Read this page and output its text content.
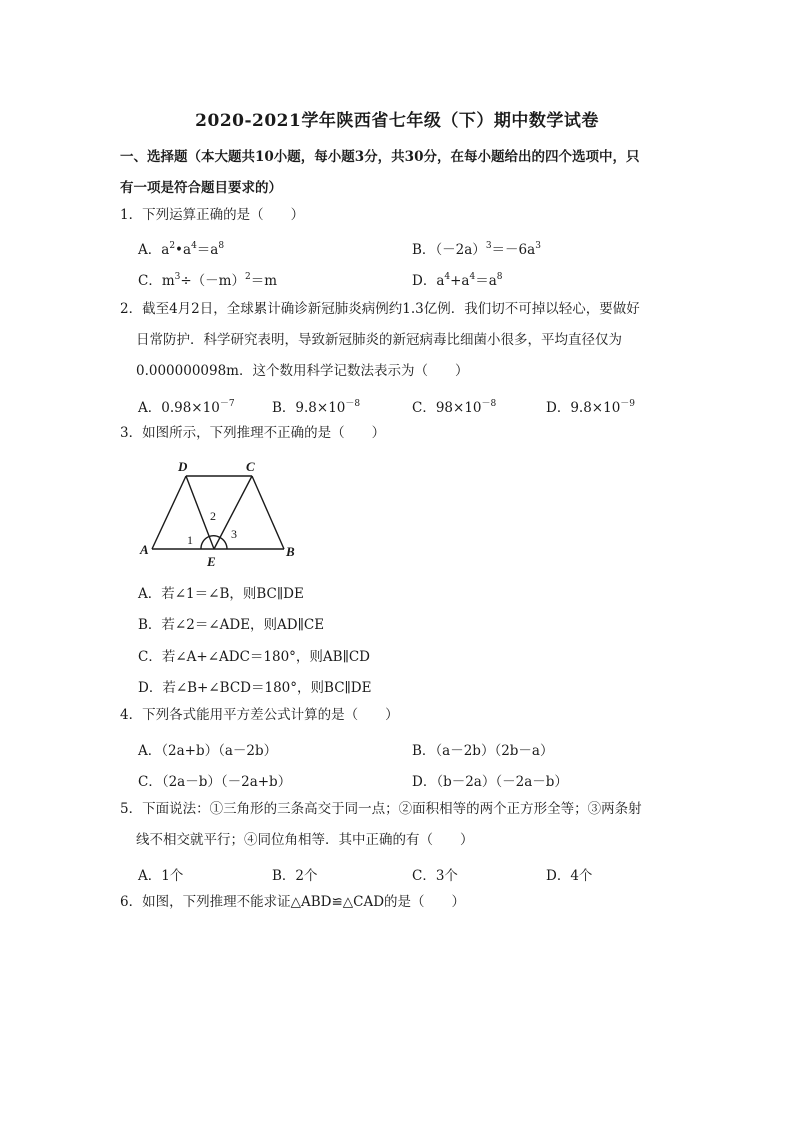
2020-2021学年陕西省七年级（下）期中数学试卷
一、选择题（本大题共10小题，每小题3分，共30分，在每小题给出的四个选项中，只
有一项是符合题目要求的）
1．下列运算正确的是（　　）
A．$a^2•a^4=a^8$	B．$(-2a)^3=-6a^3$
C．$m^3\div(-m)^2=m$	D．$a^4+a^4=a^8$
2．截至4月2日，全球累计确诊新冠肺炎病例约1.3亿例．我们切不可掉以轻心，要做好
日常防护．科学研究表明，导致新冠肺炎的新冠病毒比细菌小很多，平均直径仅为
0.000000098m．这个数用科学记数法表示为（　　）
A．$0.98\times 10^{-7}$	B．$9.8\times 10^{-8}$	C．$98\times 10^{-8}$	D．$9.8\times 10^{-9}$
3．如图所示，下列推理不正确的是（　　）
A	B
C
D
E
1
2
3
A．若∠1＝∠B，则BC∥DE
B．若∠2＝∠ADE，则AD∥CE
C．若∠A+∠ADC＝180°，则AB∥CD
D．若∠B+∠BCD＝180°，则BC∥DE
4．下列各式能用平方差公式计算的是（　　）
A．（2a+b）（a－2b）	B．（a－2b）（2b－a）
C．（2a－b）（－2a+b）	D．（b－2a）（－2a－b）
5．下面说法：①三角形的三条高交于同一点；②面积相等的两个正方形全等；③两条射
线不相交就平行；④同位角相等．其中正确的有（　　）
A．1个	B．2个	C．3个	D．4个
6．如图，下列推理不能求证△ABD≌△CAD的是（　　）
